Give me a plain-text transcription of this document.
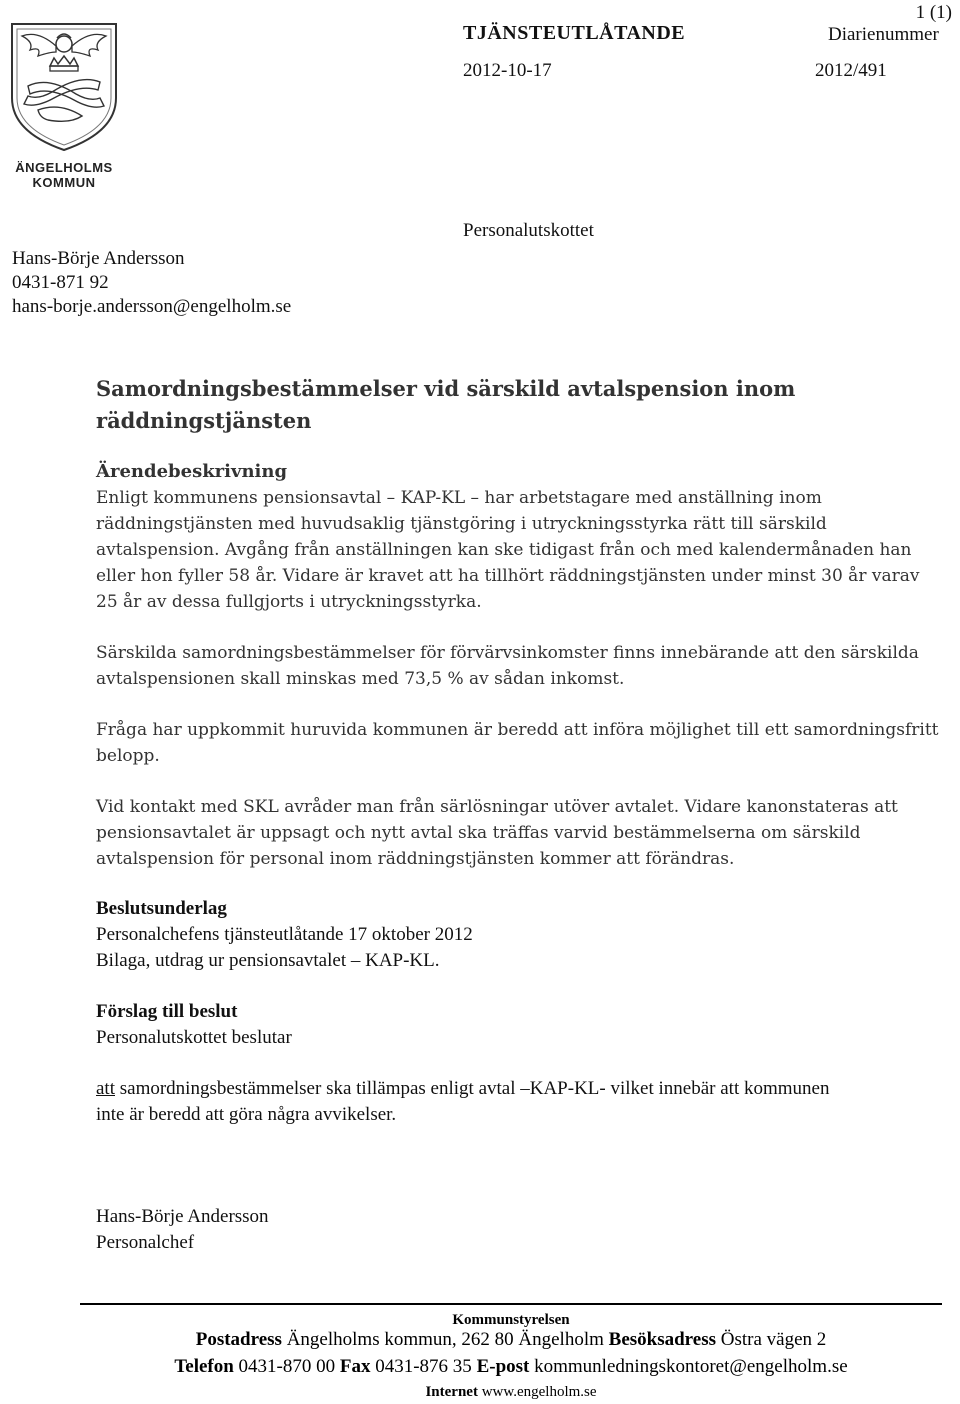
ÄNGELHOLMS
KOMMUN
1 (1)
TJÄNSTEUTLÅTANDE	Diarienummer
2012-10-17	2012/491
Personalutskottet
Hans-Börje Andersson
0431-871 92
hans-borje.andersson@engelholm.se
Samordningsbestämmelser vid särskild avtalspension inom räddningstjänsten

Ärendebeskrivning

Enligt kommunens pensionsavtal – KAP-KL – har arbetstagare med anställning inom räddningstjänsten med huvudsaklig tjänstgöring i utryckningsstyrka rätt till särskild avtalspension. Avgång från anställningen kan ske tidigast från och med kalendermånaden han eller hon fyller 58 år. Vidare är kravet att ha tillhört räddningstjänsten under minst 30 år varav 25 år av dessa fullgjorts i utryckningsstyrka.

Särskilda samordningsbestämmelser för förvärvsinkomster finns innebärande att den särskilda avtalspensionen skall minskas med 73,5 % av sådan inkomst.
Fråga har uppkommit huruvida kommunen är beredd att införa möjlighet till ett samordningsfritt belopp.
Vid kontakt med SKL avråder man från särlösningar utöver avtalet. Vidare kanonstateras att pensionsavtalet är uppsagt och nytt avtal ska träffas varvid bestämmelserna om särskild avtalspension för personal inom räddningstjänsten kommer att förändras.

Beslutsunderlag

Personalchefens tjänsteutlåtande 17 oktober 2012

Bilaga, utdrag ur pensionsavtalet – KAP-KL.

Förslag till beslut

Personalutskottet beslutar

att samordningsbestämmelser ska tillämpas enligt avtal –KAP-KL- vilket innebär att kommunen inte är beredd att göra några avvikelser.

Hans-Börje Andersson

Personalchef

Kommunstyrelsen
Postadress Ängelholms kommun, 262 80 Ängelholm Besöksadress Östra vägen 2
Telefon 0431-870 00 Fax 0431-876 35 E-post kommunledningskontoret@engelholm.se
Internet www.engelholm.se
